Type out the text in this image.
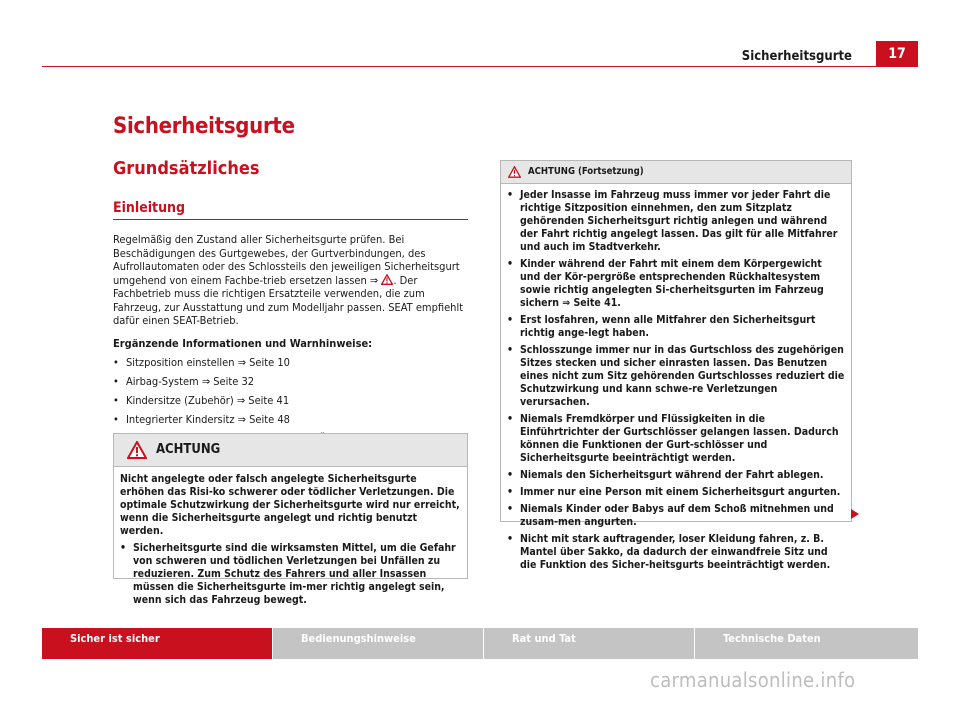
Sicherheitsgurte	17
Sicherheitsgurte
Grundsätzliches
Einleitung

Regelmäßig den Zustand aller Sicherheitsgurte prüfen. Bei Beschädigungen des Gurtgewebes, der Gurtverbindungen, des Aufrollautomaten oder des Schlossteils den jeweiligen Sicherheitsgurt umgehend von einem Fachbe-trieb ersetzen lassen ⇒ . Der Fachbetrieb muss die richtigen Ersatzteile verwenden, die zum Fahrzeug, zur Ausstattung und zum Modelljahr passen. SEAT empfiehlt dafür einen SEAT-Betrieb.

Ergänzende Informationen und Warnhinweise:

• Sitzposition einstellen ⇒ Seite 10
• Airbag-System ⇒ Seite 32
• Kindersitze (Zubehör) ⇒ Seite 41
• Integrierter Kindersitz ⇒ Seite 48
•
ACHTUNG

Nicht angelegte oder falsch angelegte Sicherheitsgurte erhöhen das Risi-ko schwerer oder tödlicher Verletzungen. Die optimale Schutzwirkung der Sicherheitsgurte wird nur erreicht, wenn die Sicherheitsgurte angelegt und richtig benutzt werden.

• Sicherheitsgurte sind die wirksamsten Mittel, um die Gefahr von schweren und tödlichen Verletzungen bei Unfällen zu reduzieren. Zum Schutz des Fahrers und aller Insassen müssen die Sicherheitsgurte im-mer richtig angelegt sein, wenn sich das Fahrzeug bewegt.
ACHTUNG (Fortsetzung)
• Jeder Insasse im Fahrzeug muss immer vor jeder Fahrt die richtige Sitzposition einnehmen, den zum Sitzplatz gehörenden Sicherheitsgurt richtig anlegen und während der Fahrt richtig angelegt lassen. Das gilt für alle Mitfahrer und auch im Stadtverkehr.
• Kinder während der Fahrt mit einem dem Körpergewicht und der Kör-pergröße entsprechenden Rückhaltesystem sowie richtig angelegten Si-cherheitsgurten im Fahrzeug sichern ⇒ Seite 41.
• Erst losfahren, wenn alle Mitfahrer den Sicherheitsgurt richtig ange-legt haben.
• Schlosszunge immer nur in das Gurtschloss des zugehörigen Sitzes stecken und sicher einrasten lassen. Das Benutzen eines nicht zum Sitz gehörenden Gurtschlosses reduziert die Schutzwirkung und kann schwe-re Verletzungen verursachen.
• Niemals Fremdkörper und Flüssigkeiten in die Einführtrichter der Gurtschlösser gelangen lassen. Dadurch können die Funktionen der Gurt-schlösser und Sicherheitsgurte beeinträchtigt werden.
• Niemals den Sicherheitsgurt während der Fahrt ablegen.
• Immer nur eine Person mit einem Sicherheitsgurt angurten.
• Niemals Kinder oder Babys auf dem Schoß mitnehmen und zusam-men angurten.
• Nicht mit stark auftragender, loser Kleidung fahren, z. B. Mantel über Sakko, da dadurch der einwandfreie Sitz und die Funktion des Sicher-heitsgurts beeinträchtigt werden.
Sicher ist sicher	Bedienungshinweise	Rat und Tat	Technische Daten
carmanualsonline.info
